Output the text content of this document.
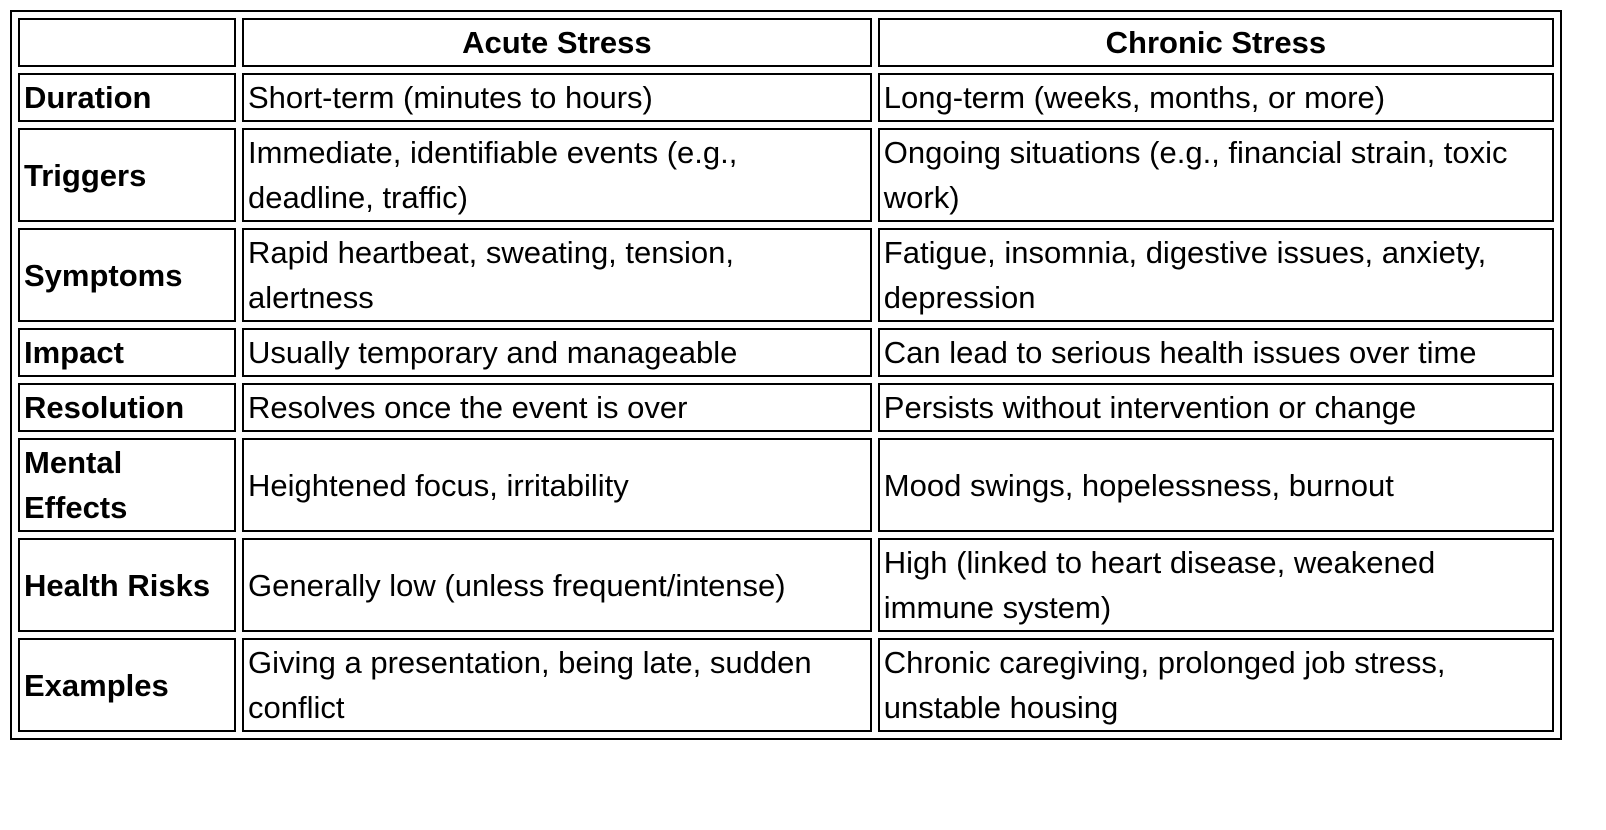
	Acute Stress	Chronic Stress
Duration	Short-term (minutes to hours)	Long-term (weeks, months, or more)
Triggers	Immediate, identifiable events (e.g., deadline, traffic)	Ongoing situations (e.g., financial strain, toxic work)
Symptoms	Rapid heartbeat, sweating, tension, alertness	Fatigue, insomnia, digestive issues, anxiety, depression
Impact	Usually temporary and manageable	Can lead to serious health issues over time
Resolution	Resolves once the event is over	Persists without intervention or change
Mental Effects	Heightened focus, irritability	Mood swings, hopelessness, burnout
Health Risks	Generally low (unless frequent/intense)	High (linked to heart disease, weakened immune system)
Examples	Giving a presentation, being late, sudden conflict	Chronic caregiving, prolonged job stress, unstable housing
